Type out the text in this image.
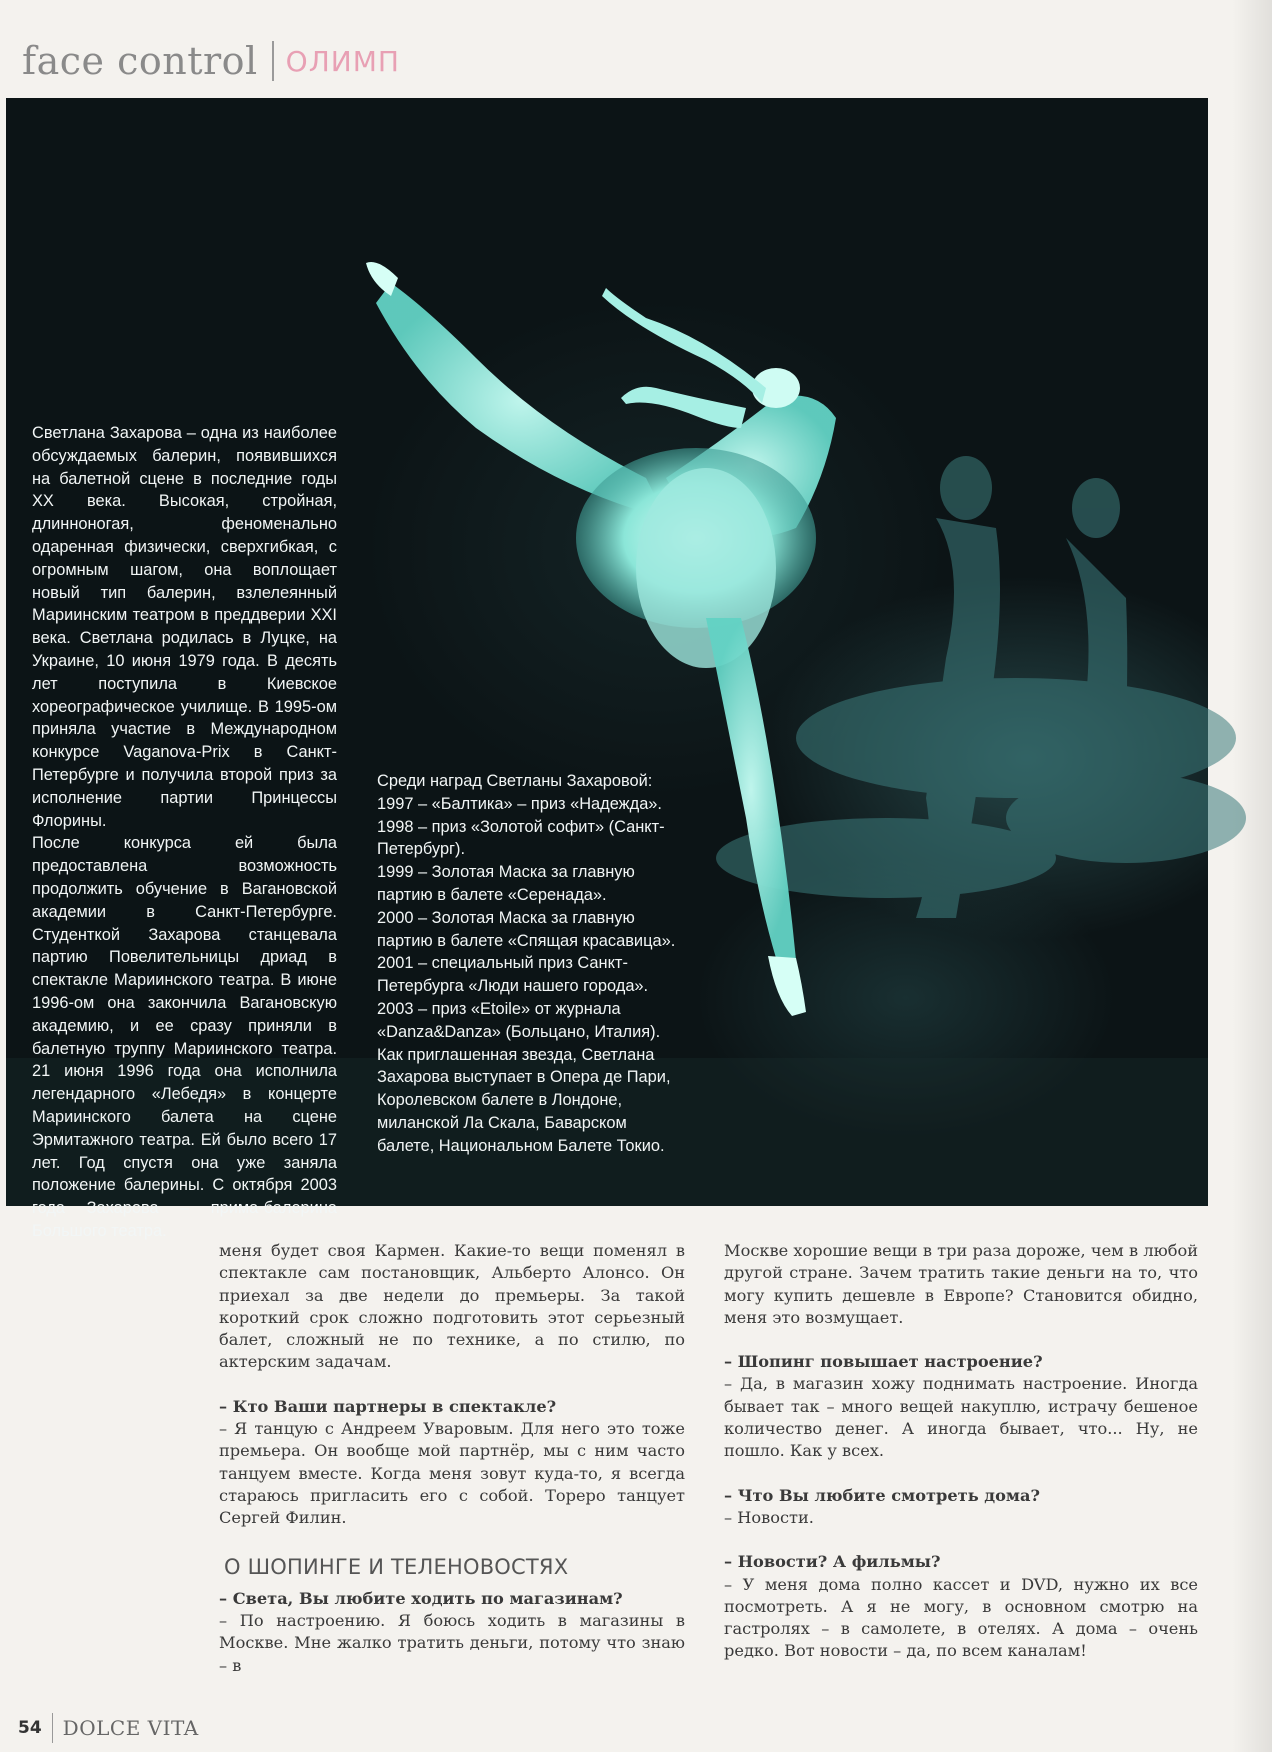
face control ОЛИМП

Светлана Захарова – одна из наиболее обсуждаемых балерин, появившихся на балетной сцене в последние годы XX века. Высокая, стройная, длинноногая, феноменально одаренная физически, сверхгибкая, с огромным шагом, она воплощает новый тип балерин, взлелеянный Мариинским театром в преддверии XXI века. Светлана родилась в Луцке, на Украине, 10 июня 1979 года. В десять лет поступила в Киевское хореографическое училище. В 1995-ом приняла участие в Международном конкурсе Vaganova-Prix в Санкт-Петербурге и получила второй приз за исполнение партии Принцессы Флорины.

После конкурса ей была предоставлена возможность продолжить обучение в Вагановской академии в Санкт-Петербурге. Студенткой Захарова станцевала партию Повелительницы дриад в спектакле Мариинского театра. В июне 1996-ом она закончила Вагановскую академию, и ее сразу приняли в балетную труппу Мариинского театра. 21 июня 1996 года она исполнила легендарного «Лебедя» в концерте Мариинского балета на сцене Эрмитажного театра. Ей было всего 17 лет. Год спустя она уже заняла положение балерины. С октября 2003 года Захарова – прима-балерина Большого театра.

Среди наград Светланы Захаровой:

1997 – «Балтика» – приз «Надежда».

1998 – приз «Золотой софит» (Санкт-Петербург).

1999 – Золотая Маска за главную партию в балете «Серенада».

2000 – Золотая Маска за главную партию в балете «Спящая красавица».

2001 – специальный приз Санкт-Петербурга «Люди нашего города».

2003 – приз «Etoile» от журнала «Danza&Danza» (Больцано, Италия).

Как приглашенная звезда, Светлана Захарова выступает в Опера де Пари, Королевском балете в Лондоне, миланской Ла Скала, Баварском балете, Национальном Балете Токио.

меня будет своя Кармен. Какие-то вещи поменял в спектакле сам постановщик, Альберто Алонсо. Он приехал за две недели до премьеры. За такой короткий срок сложно подготовить этот серьезный балет, сложный не по технике, а по стилю, по актерским задачам.

– Кто Ваши партнеры в спектакле?

– Я танцую с Андреем Уваровым. Для него это тоже премьера. Он вообще мой партнёр, мы с ним часто танцуем вместе. Когда меня зовут куда-то, я всегда стараюсь пригласить его с собой. Тореро танцует Сергей Филин.

О ШОПИНГЕ И ТЕЛЕНОВОСТЯХ

– Света, Вы любите ходить по магазинам?

– По настроению. Я боюсь ходить в магазины в Москве. Мне жалко тратить деньги, потому что знаю – в

Москве хорошие вещи в три раза дороже, чем в любой другой стране. Зачем тратить такие деньги на то, что могу купить дешевле в Европе? Становится обидно, меня это возмущает.

– Шопинг повышает настроение?

– Да, в магазин хожу поднимать настроение. Иногда бывает так – много вещей накуплю, истрачу бешеное количество денег. А иногда бывает, что... Ну, не пошло. Как у всех.

– Что Вы любите смотреть дома?

– Новости.

– Новости? А фильмы?

– У меня дома полно кассет и DVD, нужно их все посмотреть. А я не могу, в основном смотрю на гастролях – в самолете, в отелях. А дома – очень редко. Вот новости – да, по всем каналам!

54 DOLCE VITA
